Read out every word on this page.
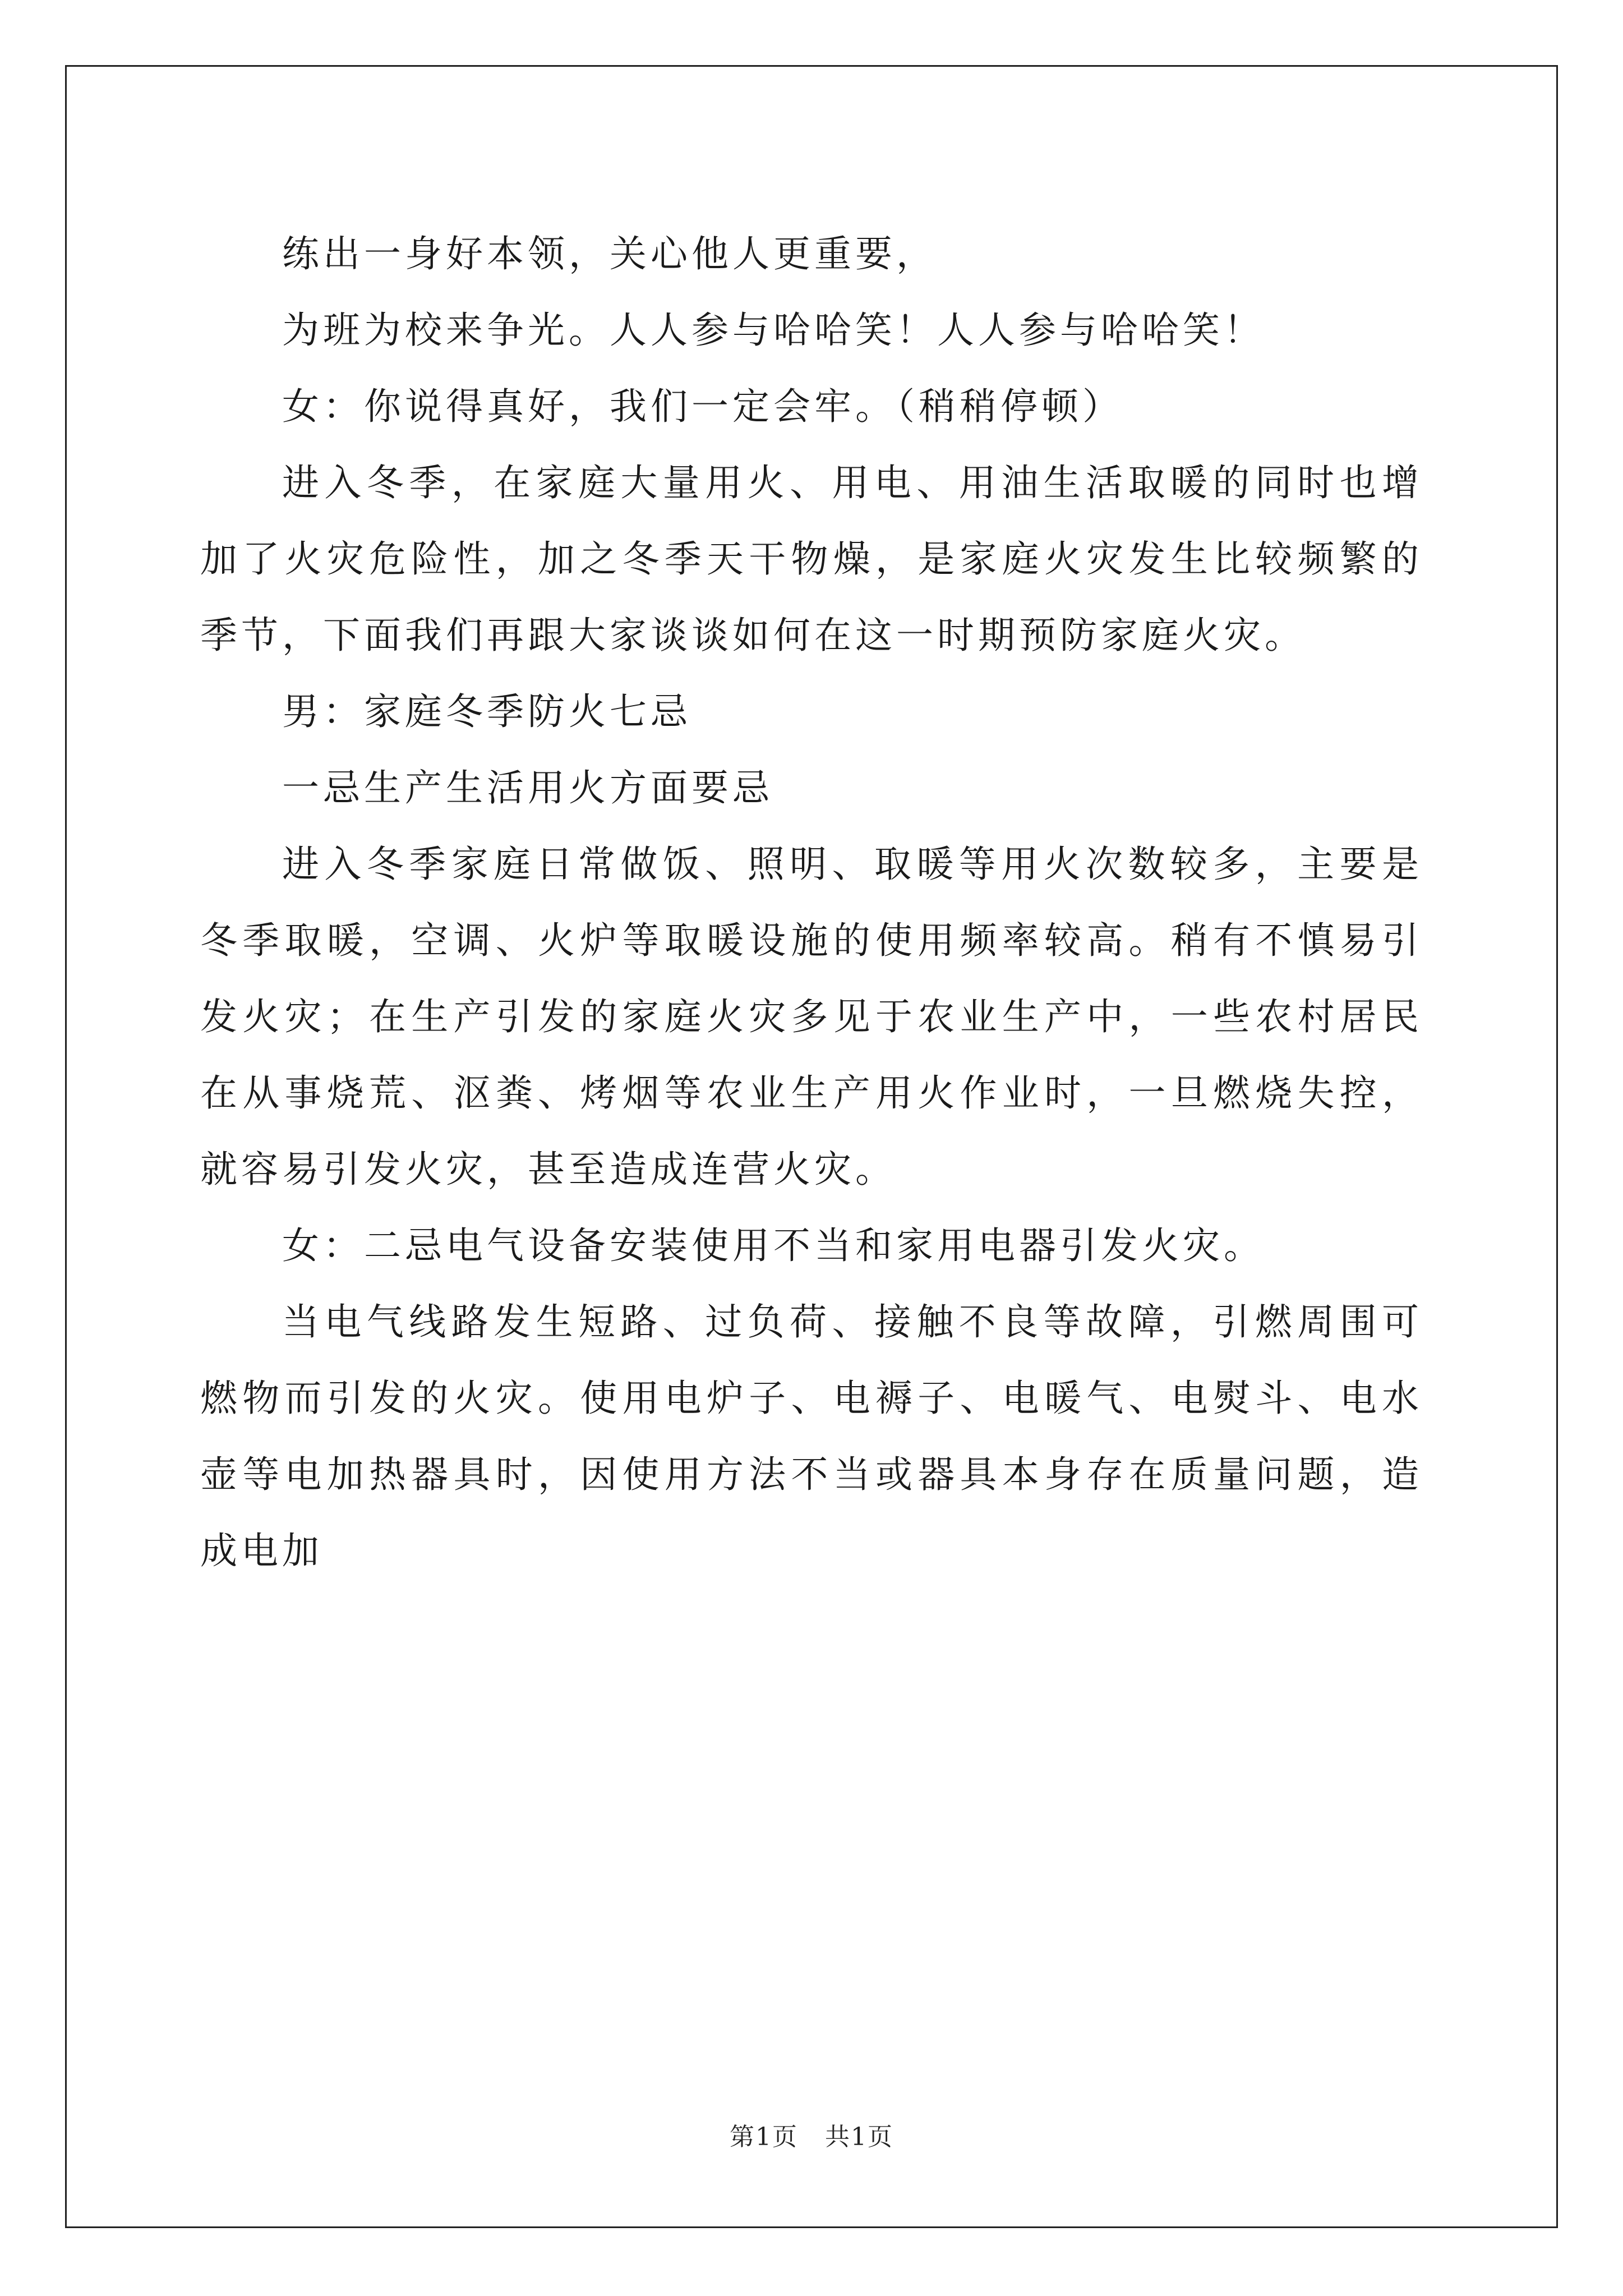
练出一身好本领，关心他人更重要，

为班为校来争光。人人参与哈哈笑！人人参与哈哈笑！

女：你说得真好，我们一定会牢。（稍稍停顿）

进入冬季，在家庭大量用火、用电、用油生活取暖的同时也增加了火灾危险性，加之冬季天干物燥，是家庭火灾发生比较频繁的季节，下面我们再跟大家谈谈如何在这一时期预防家庭火灾。

男：家庭冬季防火七忌

一忌生产生活用火方面要忌

进入冬季家庭日常做饭、照明、取暖等用火次数较多，主要是冬季取暖，空调、火炉等取暖设施的使用频率较高。稍有不慎易引发火灾；在生产引发的家庭火灾多见于农业生产中，一些农村居民在从事烧荒、沤粪、烤烟等农业生产用火作业时，一旦燃烧失控，就容易引发火灾，甚至造成连营火灾。

女：二忌电气设备安装使用不当和家用电器引发火灾。

当电气线路发生短路、过负荷、接触不良等故障，引燃周围可燃物而引发的火灾。使用电炉子、电褥子、电暖气、电熨斗、电水壶等电加热器具时，因使用方法不当或器具本身存在质量问题，造成电加

第1页 共1页
